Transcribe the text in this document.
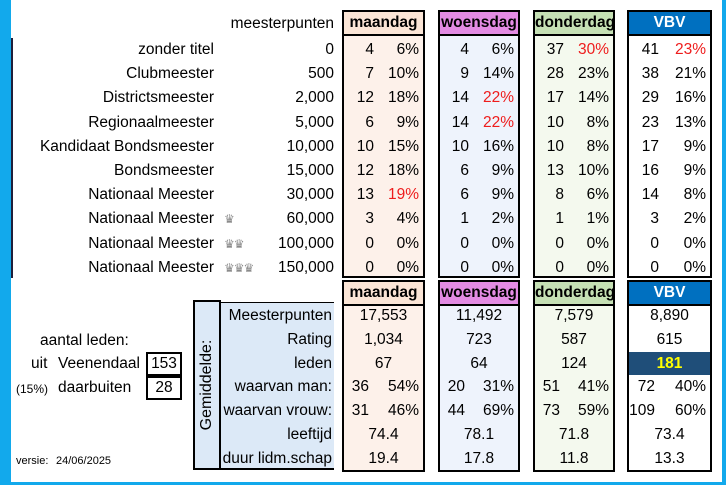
maandag
maandag
woensdag
woensdag
donderdag
donderdag
VBV
VBV
zonder titel	0	4	6%	4	6%	37 30%	41	23%
Clubmeester	500	7 10%	9 14%	28 23%	38	21%
Districtsmeester	2,000	12 18%	14 22%	17 14%	29	16%
Regionaalmeester	5,000	6	9%	14 22%	10	8%	23	13%
Kandidaat Bondsmeester	10,000	10 15%	10 16%	10	8%	17	9%
Bondsmeester	15,000	12 18%	6	9%	13 10%	16	9%
Nationaal Meester	30,000	13 19%	6	9%	8	6%	14	8%
Nationaal Meester ♛	60,000	3	4%	1	2%	1	1%	3	2%
Nationaal Meester ♛♛	100,000	0	0%	0	0%	0	0%	0	0%
Nationaal Meester ♛♛♛	150,000	0	0%	0	0%	0	0%	0	0%
Gemiddelde:
Meesterpunten	17,553	11,492	7,579	8,890
Rating	1,034	723	587	615
leden	67	64	124	181
waarvan man:	36	54%	20	31%	51	41%	72	40%
waarvan vrouw:	31	46%	44	69%	73	59% 109	60%
leeftijd	74.4	78.1	71.8	73.4
duur lidm.schap	19.4	17.8	11.8	13.3
meesterpunten
aantal leden:
uit Veenendaal 153
(15%) daarbuiten	28
versie: 24/06/2025
